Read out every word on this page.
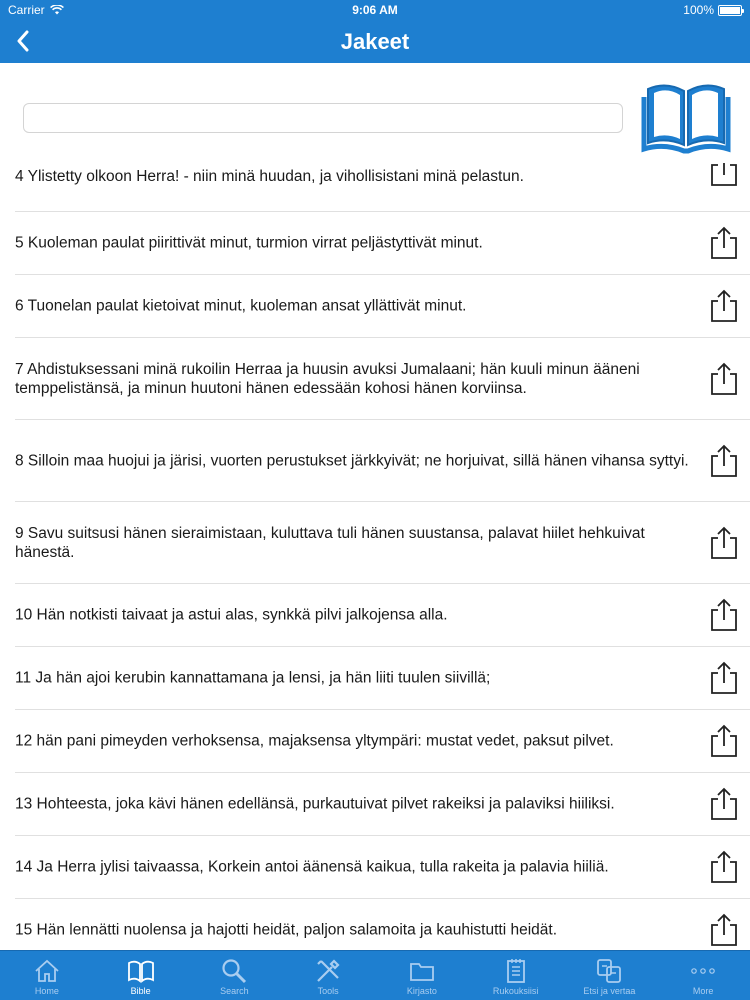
Carrier	9:06 AM	100%
Jakeet
4 Ylistetty olkoon Herra! - niin minä huudan, ja vihollisistani minä pelastun.
5 Kuoleman paulat piirittivät minut, turmion virrat peljästyttivät minut.
6 Tuonelan paulat kietoivat minut, kuoleman ansat yllättivät minut.
7 Ahdistuksessani minä rukoilin Herraa ja huusin avuksi Jumalaani; hän kuuli minun ääneni temppelistänsä, ja minun huutoni hänen edessään kohosi hänen korviinsa.
8 Silloin maa huojui ja järisi, vuorten perustukset järkkyivät; ne horjuivat, sillä hänen vihansa syttyi.
9 Savu suitsusi hänen sieraimistaan, kuluttava tuli hänen suustansa, palavat hiilet hehkuivat hänestä.
10 Hän notkisti taivaat ja astui alas, synkkä pilvi jalkojensa alla.
11 Ja hän ajoi kerubin kannattamana ja lensi, ja hän liiti tuulen siivillä;
12 hän pani pimeyden verhoksensa, majaksensa yltympäri: mustat vedet, paksut pilvet.
13 Hohteesta, joka kävi hänen edellänsä, purkautuivat pilvet rakeiksi ja palaviksi hiiliksi.
14 Ja Herra jylisi taivaassa, Korkein antoi äänensä kaikua, tulla rakeita ja palavia hiiliä.
15 Hän lennätti nuolensa ja hajotti heidät, paljon salamoita ja kauhistutti heidät.
Home	Bible	Search	Tools	Kirjasto	Rukouksiisi	Etsi ja vertaa	More
